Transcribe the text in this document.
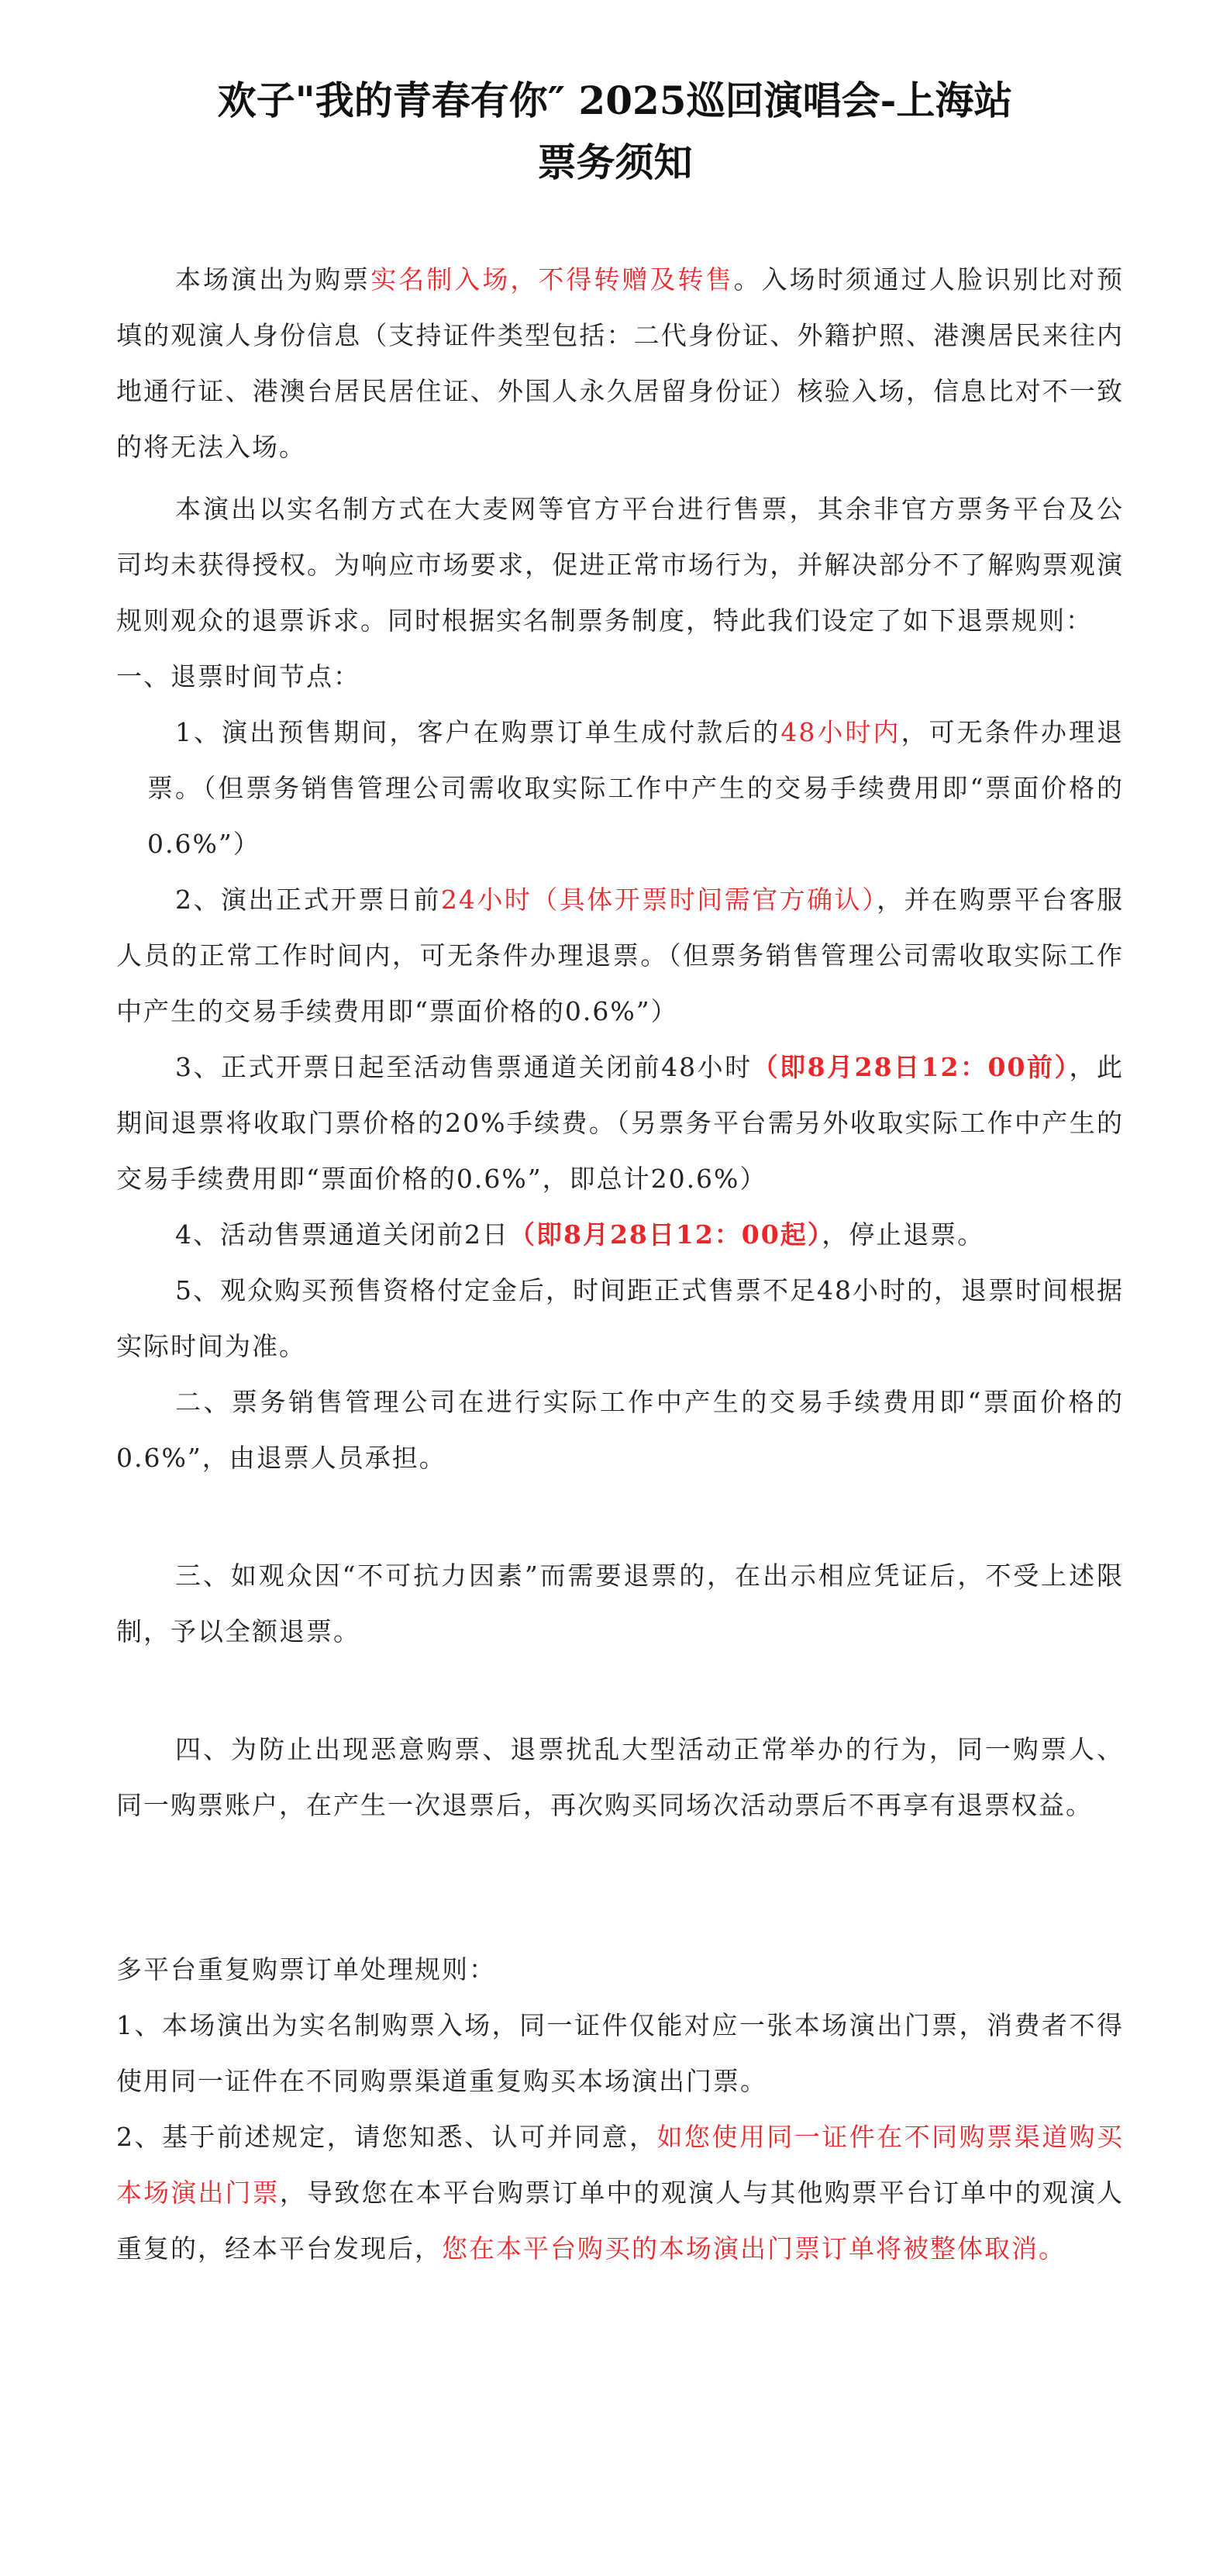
欢子"我的青春有你″ 2025巡回演唱会-上海站
票务须知

本场演出为购票实名制入场，不得转赠及转售。入场时须通过人脸识别比对预填的观演人身份信息（支持证件类型包括：二代身份证、外籍护照、港澳居民来往内地通行证、港澳台居民居住证、外国人永久居留身份证）核验入场，信息比对不一致的将无法入场。

本演出以实名制方式在大麦网等官方平台进行售票，其余非官方票务平台及公司均未获得授权。为响应市场要求，促进正常市场行为，并解决部分不了解购票观演规则观众的退票诉求。同时根据实名制票务制度，特此我们设定了如下退票规则：

一、退票时间节点：

1、演出预售期间，客户在购票订单生成付款后的48小时内，可无条件办理退票。（但票务销售管理公司需收取实际工作中产生的交易手续费用即“票面价格的0.6%”）

2、演出正式开票日前24小时（具体开票时间需官方确认），并在购票平台客服人员的正常工作时间内，可无条件办理退票。（但票务销售管理公司需收取实际工作中产生的交易手续费用即“票面价格的0.6%”）

3、正式开票日起至活动售票通道关闭前48小时（即8月28日12：00前），此期间退票将收取门票价格的20%手续费。（另票务平台需另外收取实际工作中产生的交易手续费用即“票面价格的0.6%”，即总计20.6%）

4、活动售票通道关闭前2日（即8月28日12：00起），停止退票。

5、观众购买预售资格付定金后，时间距正式售票不足48小时的，退票时间根据实际时间为准。

二、票务销售管理公司在进行实际工作中产生的交易手续费用即“票面价格的0.6%”，由退票人员承担。

三、如观众因“不可抗力因素”而需要退票的，在出示相应凭证后，不受上述限制，予以全额退票。

四、为防止出现恶意购票、退票扰乱大型活动正常举办的行为，同一购票人、同一购票账户，在产生一次退票后，再次购买同场次活动票后不再享有退票权益。

多平台重复购票订单处理规则：

1、本场演出为实名制购票入场，同一证件仅能对应一张本场演出门票，消费者不得使用同一证件在不同购票渠道重复购买本场演出门票。

2、基于前述规定，请您知悉、认可并同意，如您使用同一证件在不同购票渠道购买本场演出门票，导致您在本平台购票订单中的观演人与其他购票平台订单中的观演人重复的，经本平台发现后，您在本平台购买的本场演出门票订单将被整体取消。
